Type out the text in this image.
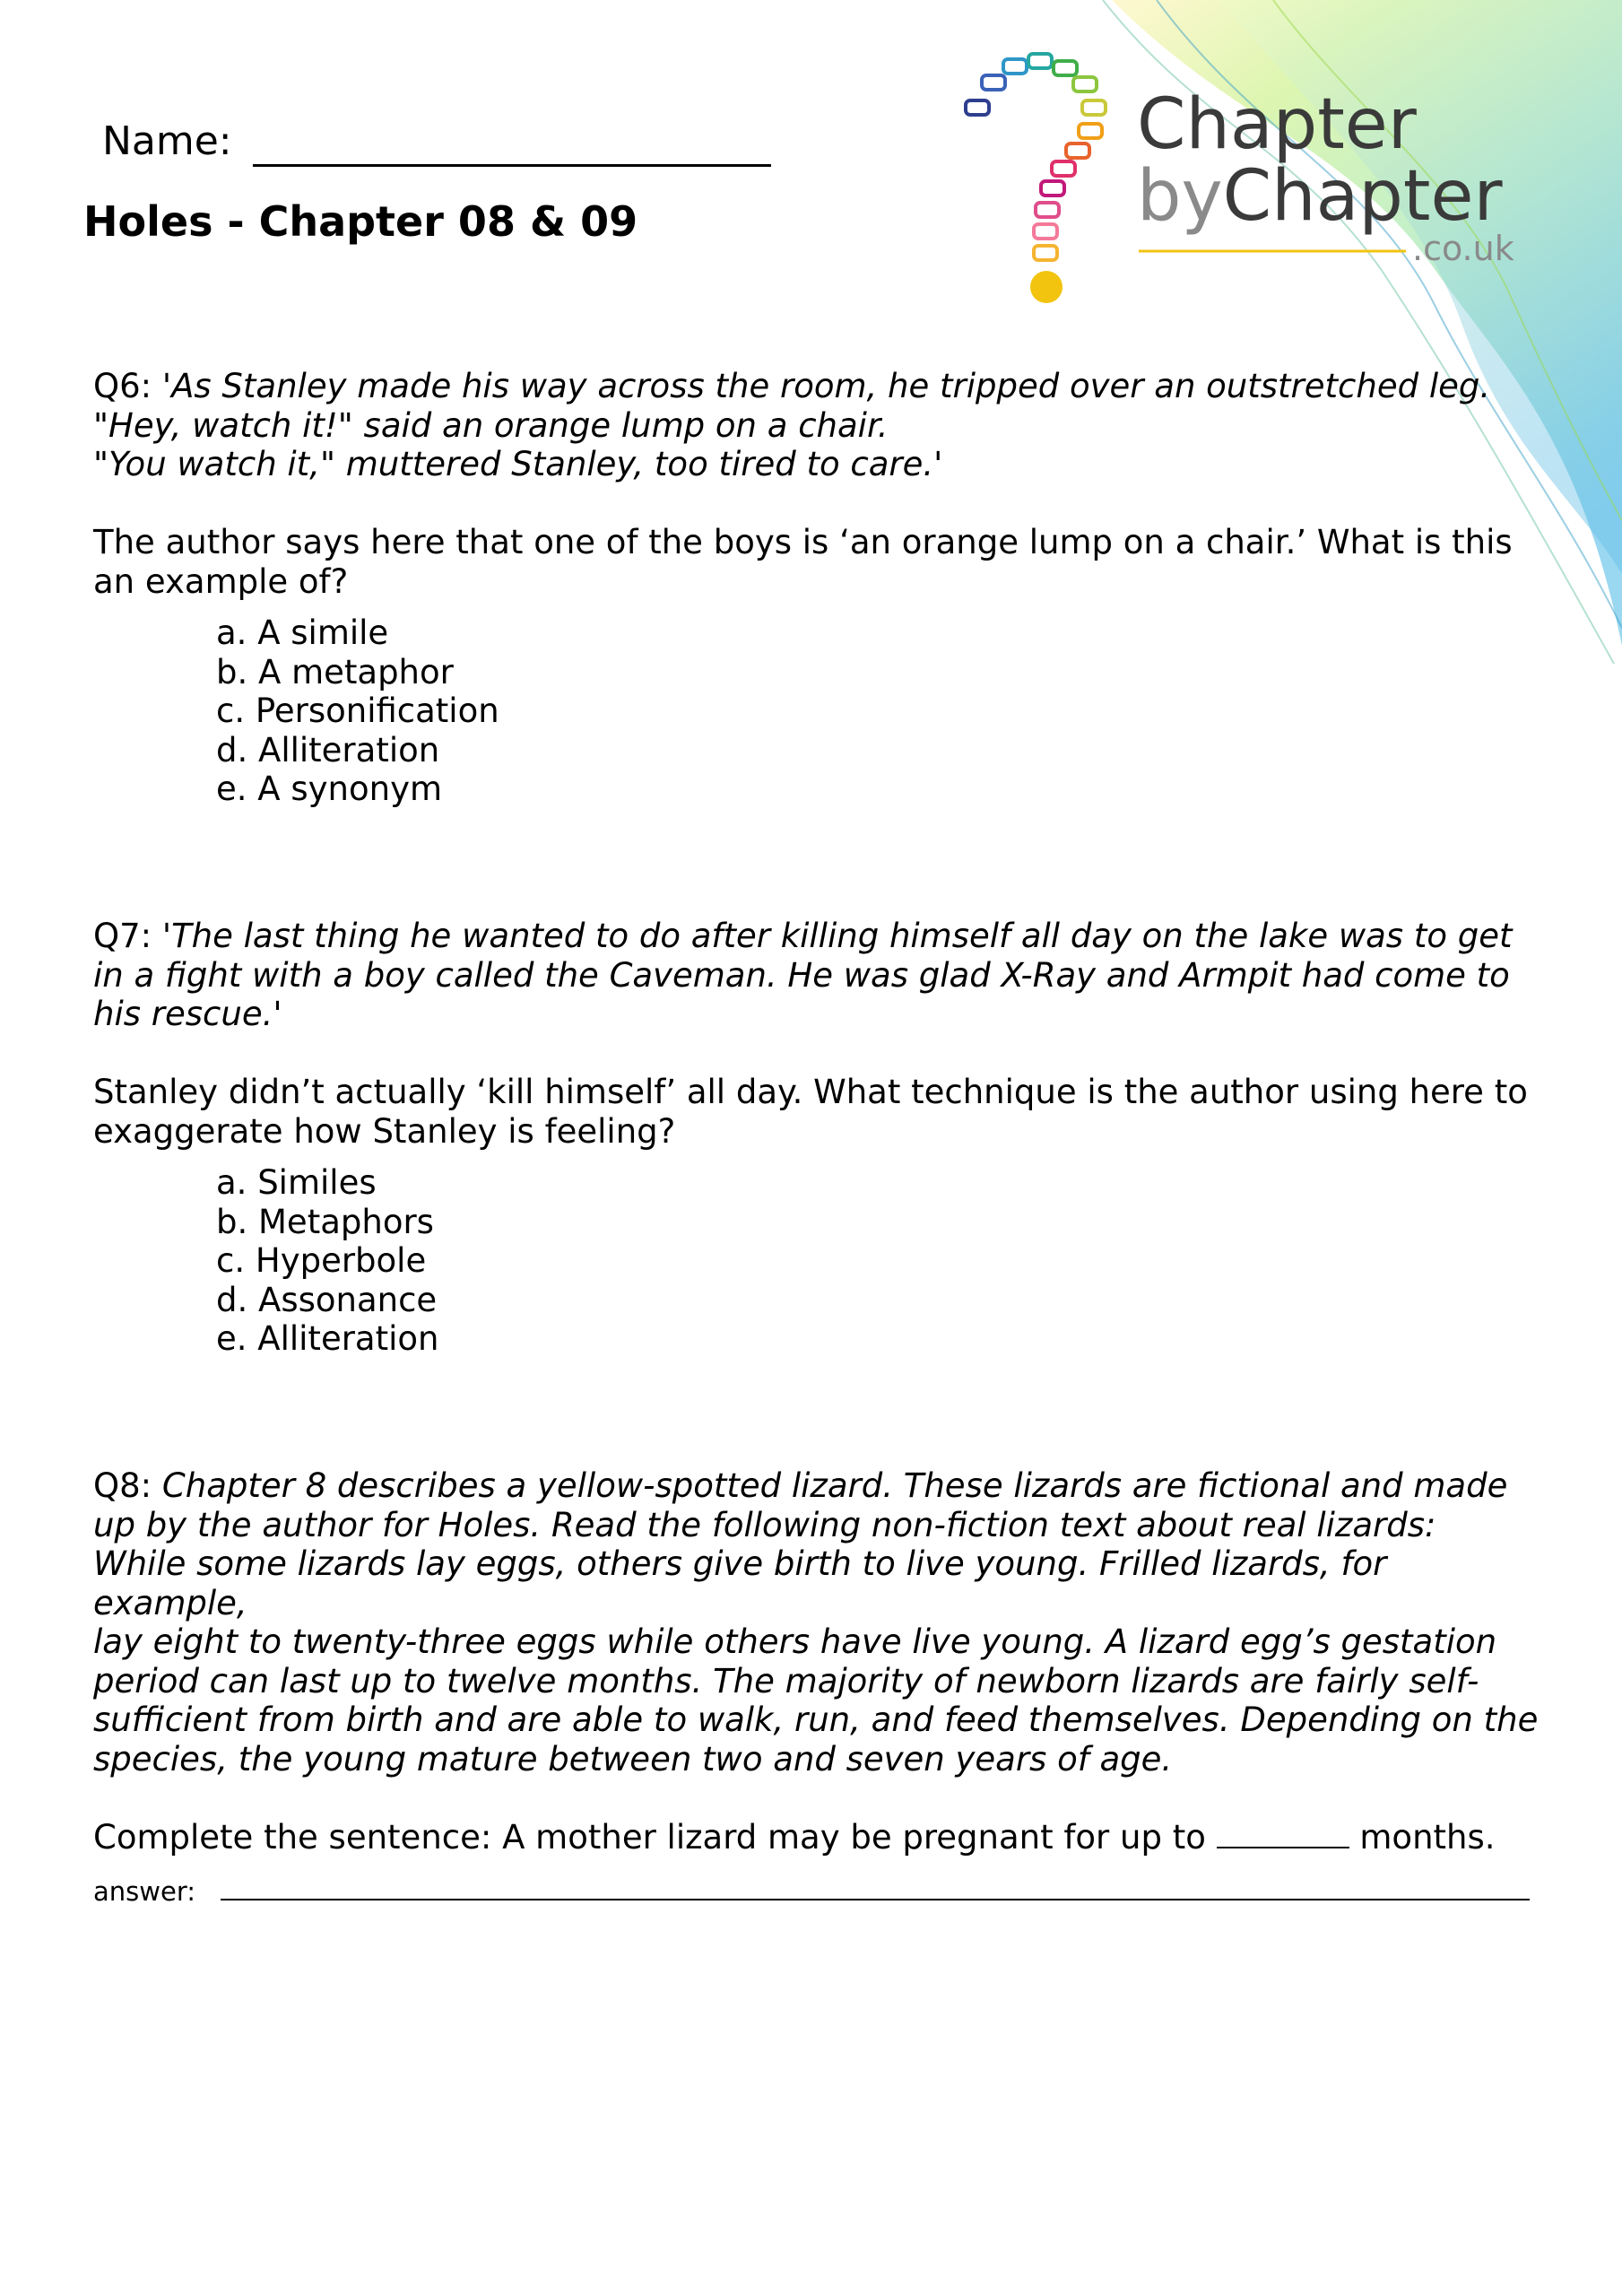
Chapter
byChapter
.co.uk
Name:
Holes - Chapter 08 & 09

Q6: 'As Stanley made his way across the room, he tripped over an outstretched leg.

"Hey, watch it!" said an orange lump on a chair.

"You watch it," muttered Stanley, too tired to care.'

The author says here that one of the boys is ‘an orange lump on a chair.’ What is this

an example of?

a. A simile
b. A metaphor
c. Personification
d. Alliteration
e. A synonym

Q7: 'The last thing he wanted to do after killing himself all day on the lake was to get

in a fight with a boy called the Caveman. He was glad X-Ray and Armpit had come to

his rescue.'

Stanley didn’t actually ‘kill himself’ all day. What technique is the author using here to

exaggerate how Stanley is feeling?

a. Similes
b. Metaphors
c. Hyperbole
d. Assonance
e. Alliteration

Q8: Chapter 8 describes a yellow-spotted lizard. These lizards are fictional and made

up by the author for Holes. Read the following non-fiction text about real lizards:

While some lizards lay eggs, others give birth to live young. Frilled lizards, for example,

lay eight to twenty-three eggs while others have live young. A lizard egg’s gestation

period can last up to twelve months. The majority of newborn lizards are fairly self-

sufficient from birth and are able to walk, run, and feed themselves. Depending on the

species, the young mature between two and seven years of age.

Complete the sentence: A mother lizard may be pregnant for up to	months.

answer:
